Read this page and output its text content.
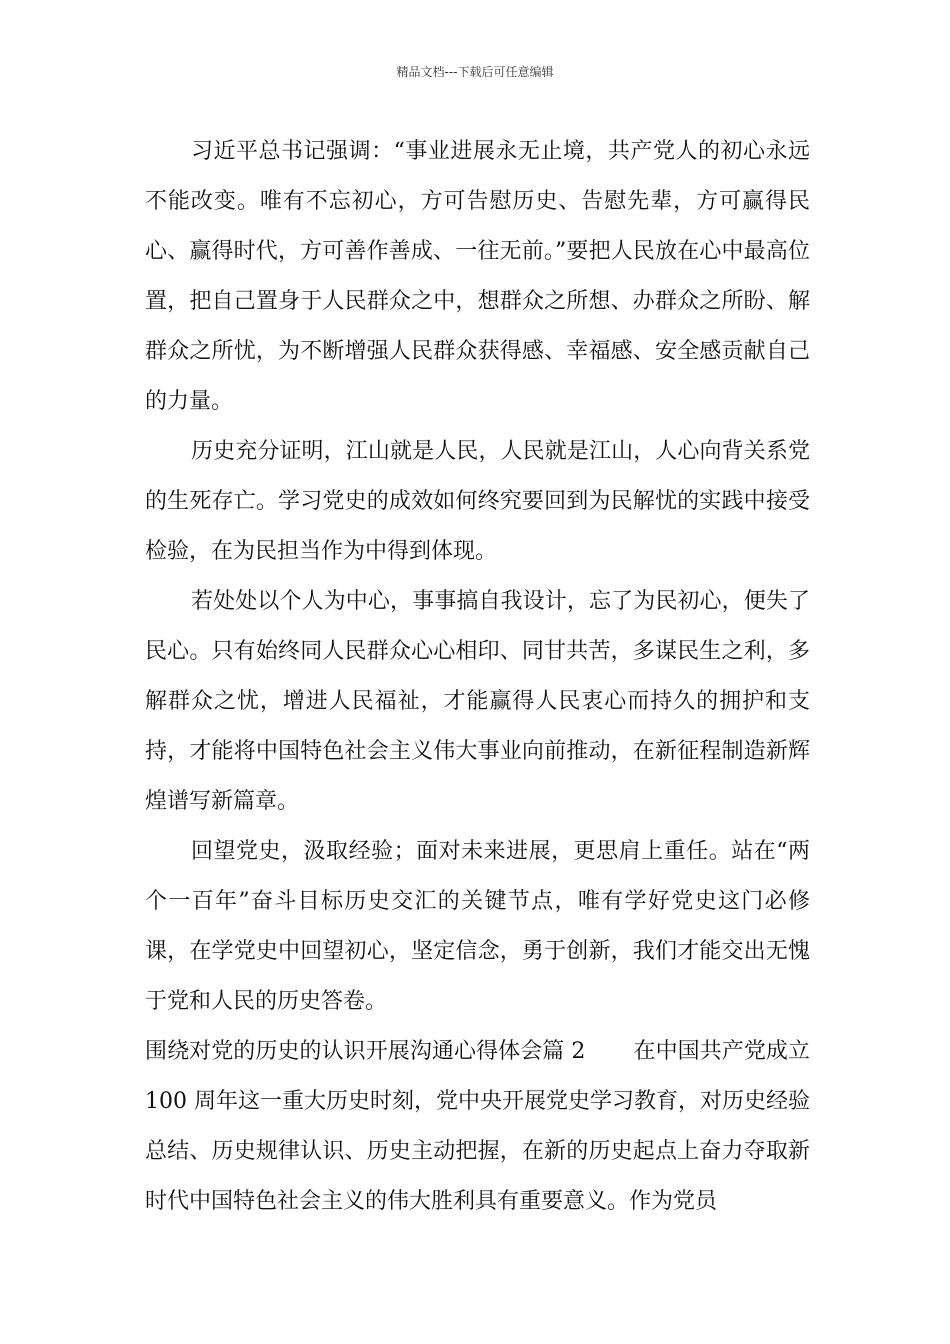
精品文档---下载后可任意编辑

习近平总书记强调：“事业进展永无止境，共产党人的初心永远不能改变。唯有不忘初心，方可告慰历史、告慰先辈，方可赢得民心、赢得时代，方可善作善成、一往无前。”要把人民放在心中最高位置，把自己置身于人民群众之中，想群众之所想、办群众之所盼、解群众之所忧，为不断增强人民群众获得感、幸福感、安全感贡献自己的力量。

历史充分证明，江山就是人民，人民就是江山，人心向背关系党的生死存亡。学习党史的成效如何终究要回到为民解忧的实践中接受检验，在为民担当作为中得到体现。

若处处以个人为中心，事事搞自我设计，忘了为民初心，便失了民心。只有始终同人民群众心心相印、同甘共苦，多谋民生之利，多解群众之忧，增进人民福祉，才能赢得人民衷心而持久的拥护和支持，才能将中国特色社会主义伟大事业向前推动，在新征程制造新辉煌谱写新篇章。

回望党史，汲取经验；面对未来进展，更思肩上重任。站在“两个一百年”奋斗目标历史交汇的关键节点，唯有学好党史这门必修课，在学党史中回望初心，坚定信念，勇于创新，我们才能交出无愧于党和人民的历史答卷。

围绕对党的历史的认识开展沟通心得体会篇 2 在中国共产党成立 100 周年这一重大历史时刻，党中央开展党史学习教育，对历史经验总结、历史规律认识、历史主动把握，在新的历史起点上奋力夺取新时代中国特色社会主义的伟大胜利具有重要意义。作为党员
